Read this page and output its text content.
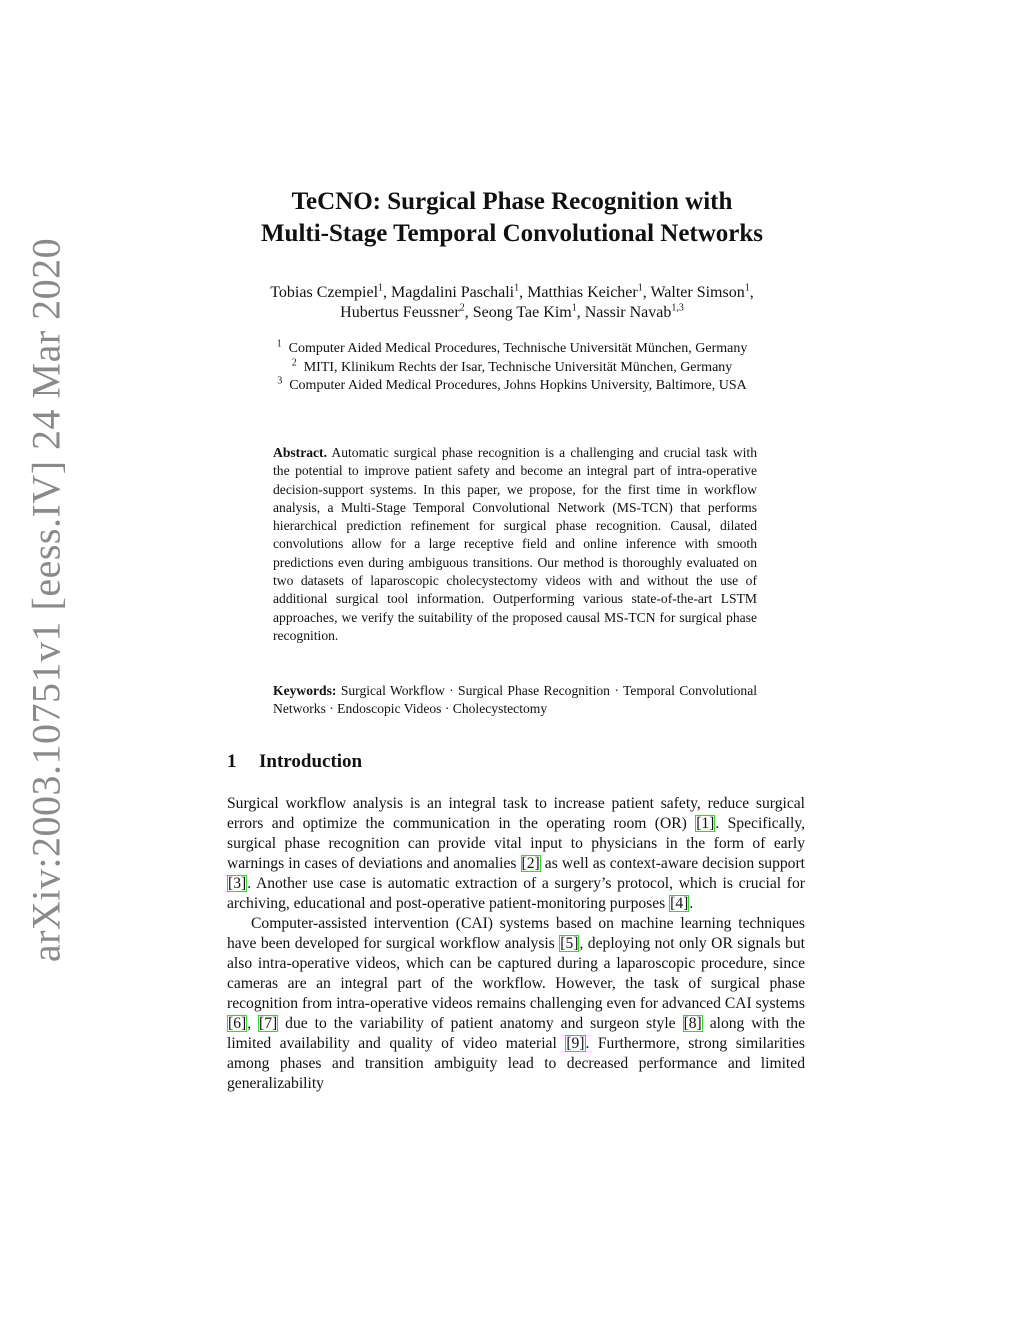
arXiv:2003.10751v1 [eess.IV] 24 Mar 2020
TeCNO: Surgical Phase Recognition with
Multi-Stage Temporal Convolutional Networks
Tobias Czempiel$^1$, Magdalini Paschali$^1$, Matthias Keicher$^1$, Walter Simson$^1$,
Hubertus Feussner$^2$, Seong Tae Kim$^1$, Nassir Navab$^{1,3}$
$^1$ Computer Aided Medical Procedures, Technische Universität München, Germany
$^2$ MITI, Klinikum Rechts der Isar, Technische Universität München, Germany
$^3$ Computer Aided Medical Procedures, Johns Hopkins University, Baltimore, USA
Abstract. Automatic surgical phase recognition is a challenging and crucial task with the potential to improve patient safety and become an integral part of intra-operative decision-support systems. In this paper, we propose, for the first time in workflow analysis, a Multi-Stage Temporal Convolutional Network (MS-TCN) that performs hierarchical prediction refinement for surgical phase recognition. Causal, dilated convolutions allow for a large receptive field and online inference with smooth predictions even during ambiguous transitions. Our method is thoroughly evaluated on two datasets of laparoscopic cholecystectomy videos with and without the use of additional surgical tool information. Outperforming various state-of-the-art LSTM approaches, we verify the suitability of the proposed causal MS-TCN for surgical phase recognition.
Keywords: Surgical Workflow · Surgical Phase Recognition · Temporal Convolutional Networks · Endoscopic Videos · Cholecystectomy
1 Introduction

Surgical workflow analysis is an integral task to increase patient safety, reduce surgical errors and optimize the communication in the operating room (OR) [1]. Specifically, surgical phase recognition can provide vital input to physicians in the form of early warnings in cases of deviations and anomalies [2] as well as context-aware decision support [3]. Another use case is automatic extraction of a surgery’s protocol, which is crucial for archiving, educational and post-operative patient-monitoring purposes [4].

Computer-assisted intervention (CAI) systems based on machine learning techniques have been developed for surgical workflow analysis [5], deploying not only OR signals but also intra-operative videos, which can be captured during a laparoscopic procedure, since cameras are an integral part of the workflow. However, the task of surgical phase recognition from intra-operative videos remains challenging even for advanced CAI systems [6], [7] due to the variability of patient anatomy and surgeon style [8] along with the limited availability and quality of video material [9]. Furthermore, strong similarities among phases and transition ambiguity lead to decreased performance and limited generalizability
